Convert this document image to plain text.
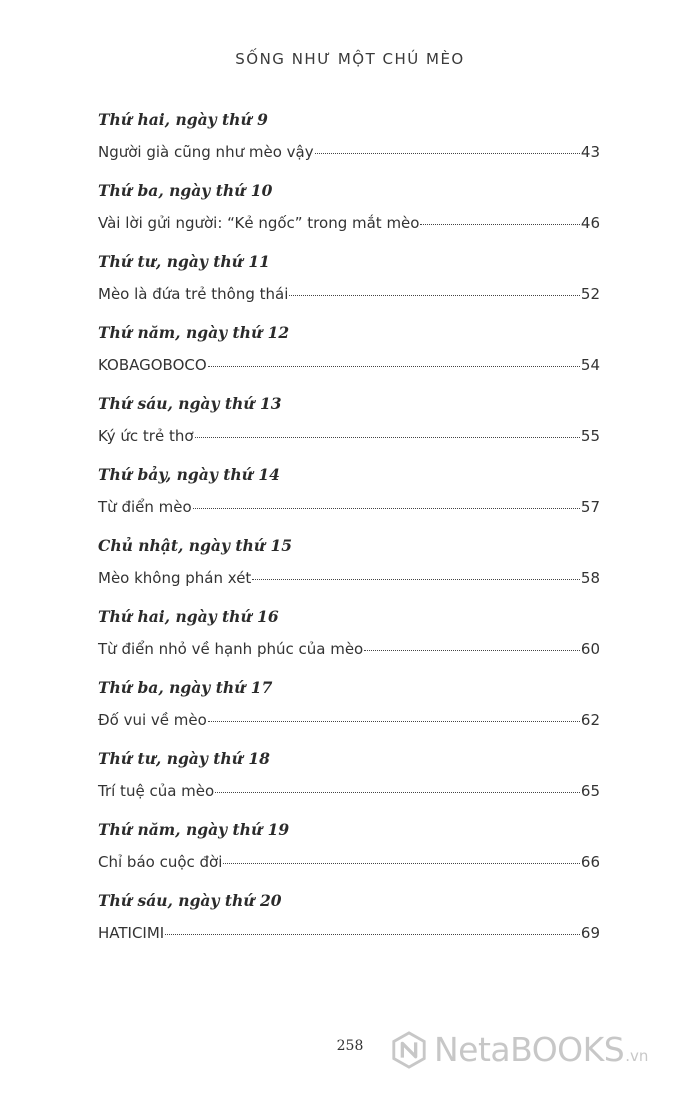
SỐNG NHƯ MỘT CHÚ MÈO
Thứ hai, ngày thứ 9
Người già cũng như mèo vậy	43
Thứ ba, ngày thứ 10
Vài lời gửi người: “Kẻ ngốc” trong mắt mèo	46
Thứ tư, ngày thứ 11
Mèo là đứa trẻ thông thái	52
Thứ năm, ngày thứ 12
KOBAGOBOCO	54
Thứ sáu, ngày thứ 13
Ký ức trẻ thơ	55
Thứ bảy, ngày thứ 14
Từ điển mèo	57
Chủ nhật, ngày thứ 15
Mèo không phán xét	58
Thứ hai, ngày thứ 16
Từ điển nhỏ về hạnh phúc của mèo	60
Thứ ba, ngày thứ 17
Đố vui về mèo	62
Thứ tư, ngày thứ 18
Trí tuệ của mèo	65
Thứ năm, ngày thứ 19
Chỉ báo cuộc đời	66
Thứ sáu, ngày thứ 20
HATICIMI	69
258	NetaBOOKS .vn
